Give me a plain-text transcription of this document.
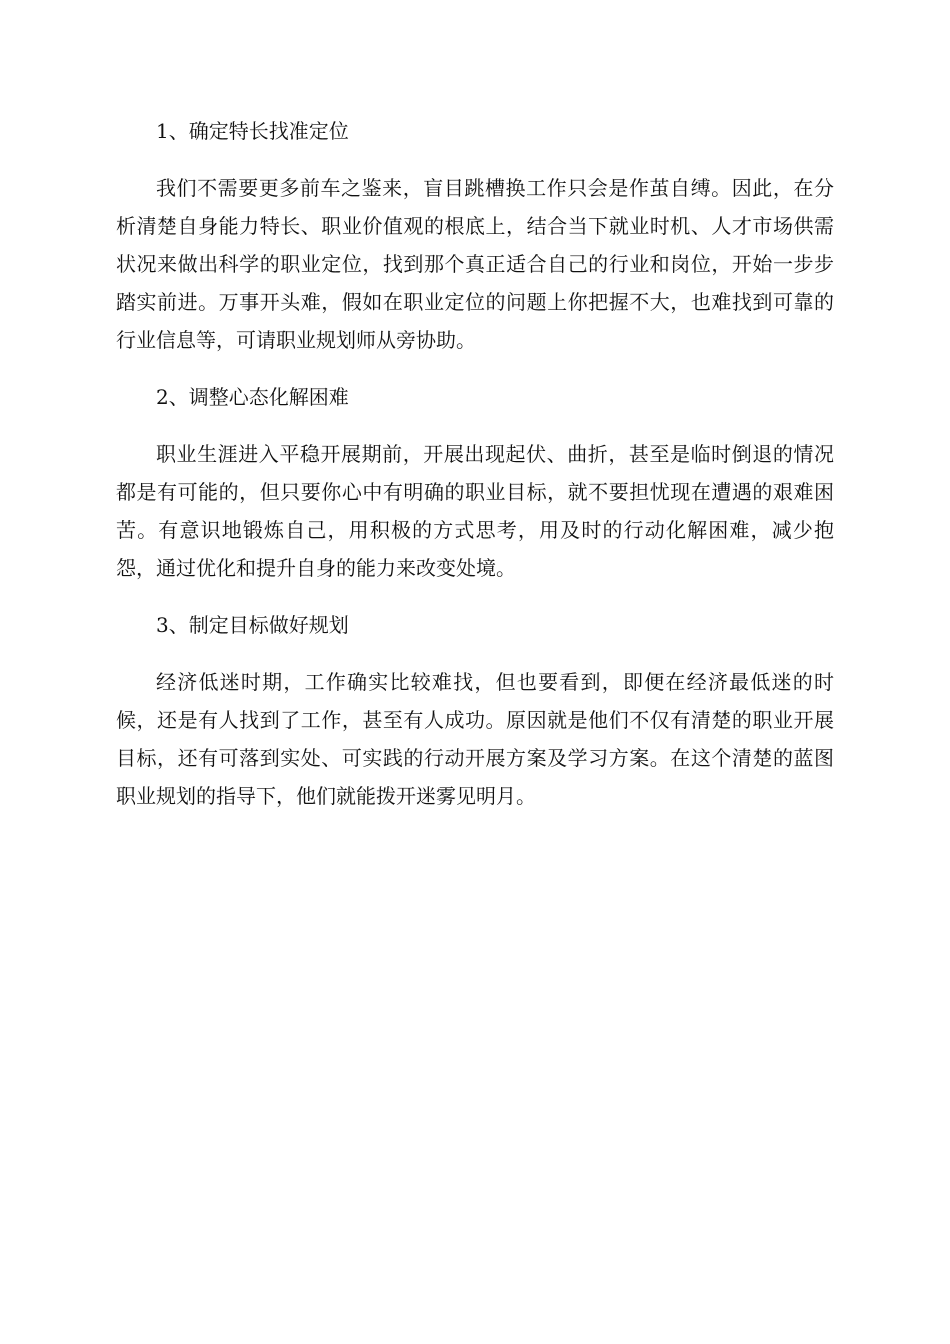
1、确定特长找准定位

我们不需要更多前车之鉴来，盲目跳槽换工作只会是作茧自缚。因此，在分析清楚自身能力特长、职业价值观的根底上，结合当下就业时机、人才市场供需状况来做出科学的职业定位，找到那个真正适合自己的行业和岗位，开始一步步踏实前进。万事开头难，假如在职业定位的问题上你把握不大，也难找到可靠的行业信息等，可请职业规划师从旁协助。

2、调整心态化解困难

职业生涯进入平稳开展期前，开展出现起伏、曲折，甚至是临时倒退的情况都是有可能的，但只要你心中有明确的职业目标，就不要担忧现在遭遇的艰难困苦。有意识地锻炼自己，用积极的方式思考，用及时的行动化解困难，减少抱怨，通过优化和提升自身的能力来改变处境。

3、制定目标做好规划

经济低迷时期，工作确实比较难找，但也要看到，即便在经济最低迷的时候，还是有人找到了工作，甚至有人成功。原因就是他们不仅有清楚的职业开展目标，还有可落到实处、可实践的行动开展方案及学习方案。在这个清楚的蓝图职业规划的指导下，他们就能拨开迷雾见明月。
